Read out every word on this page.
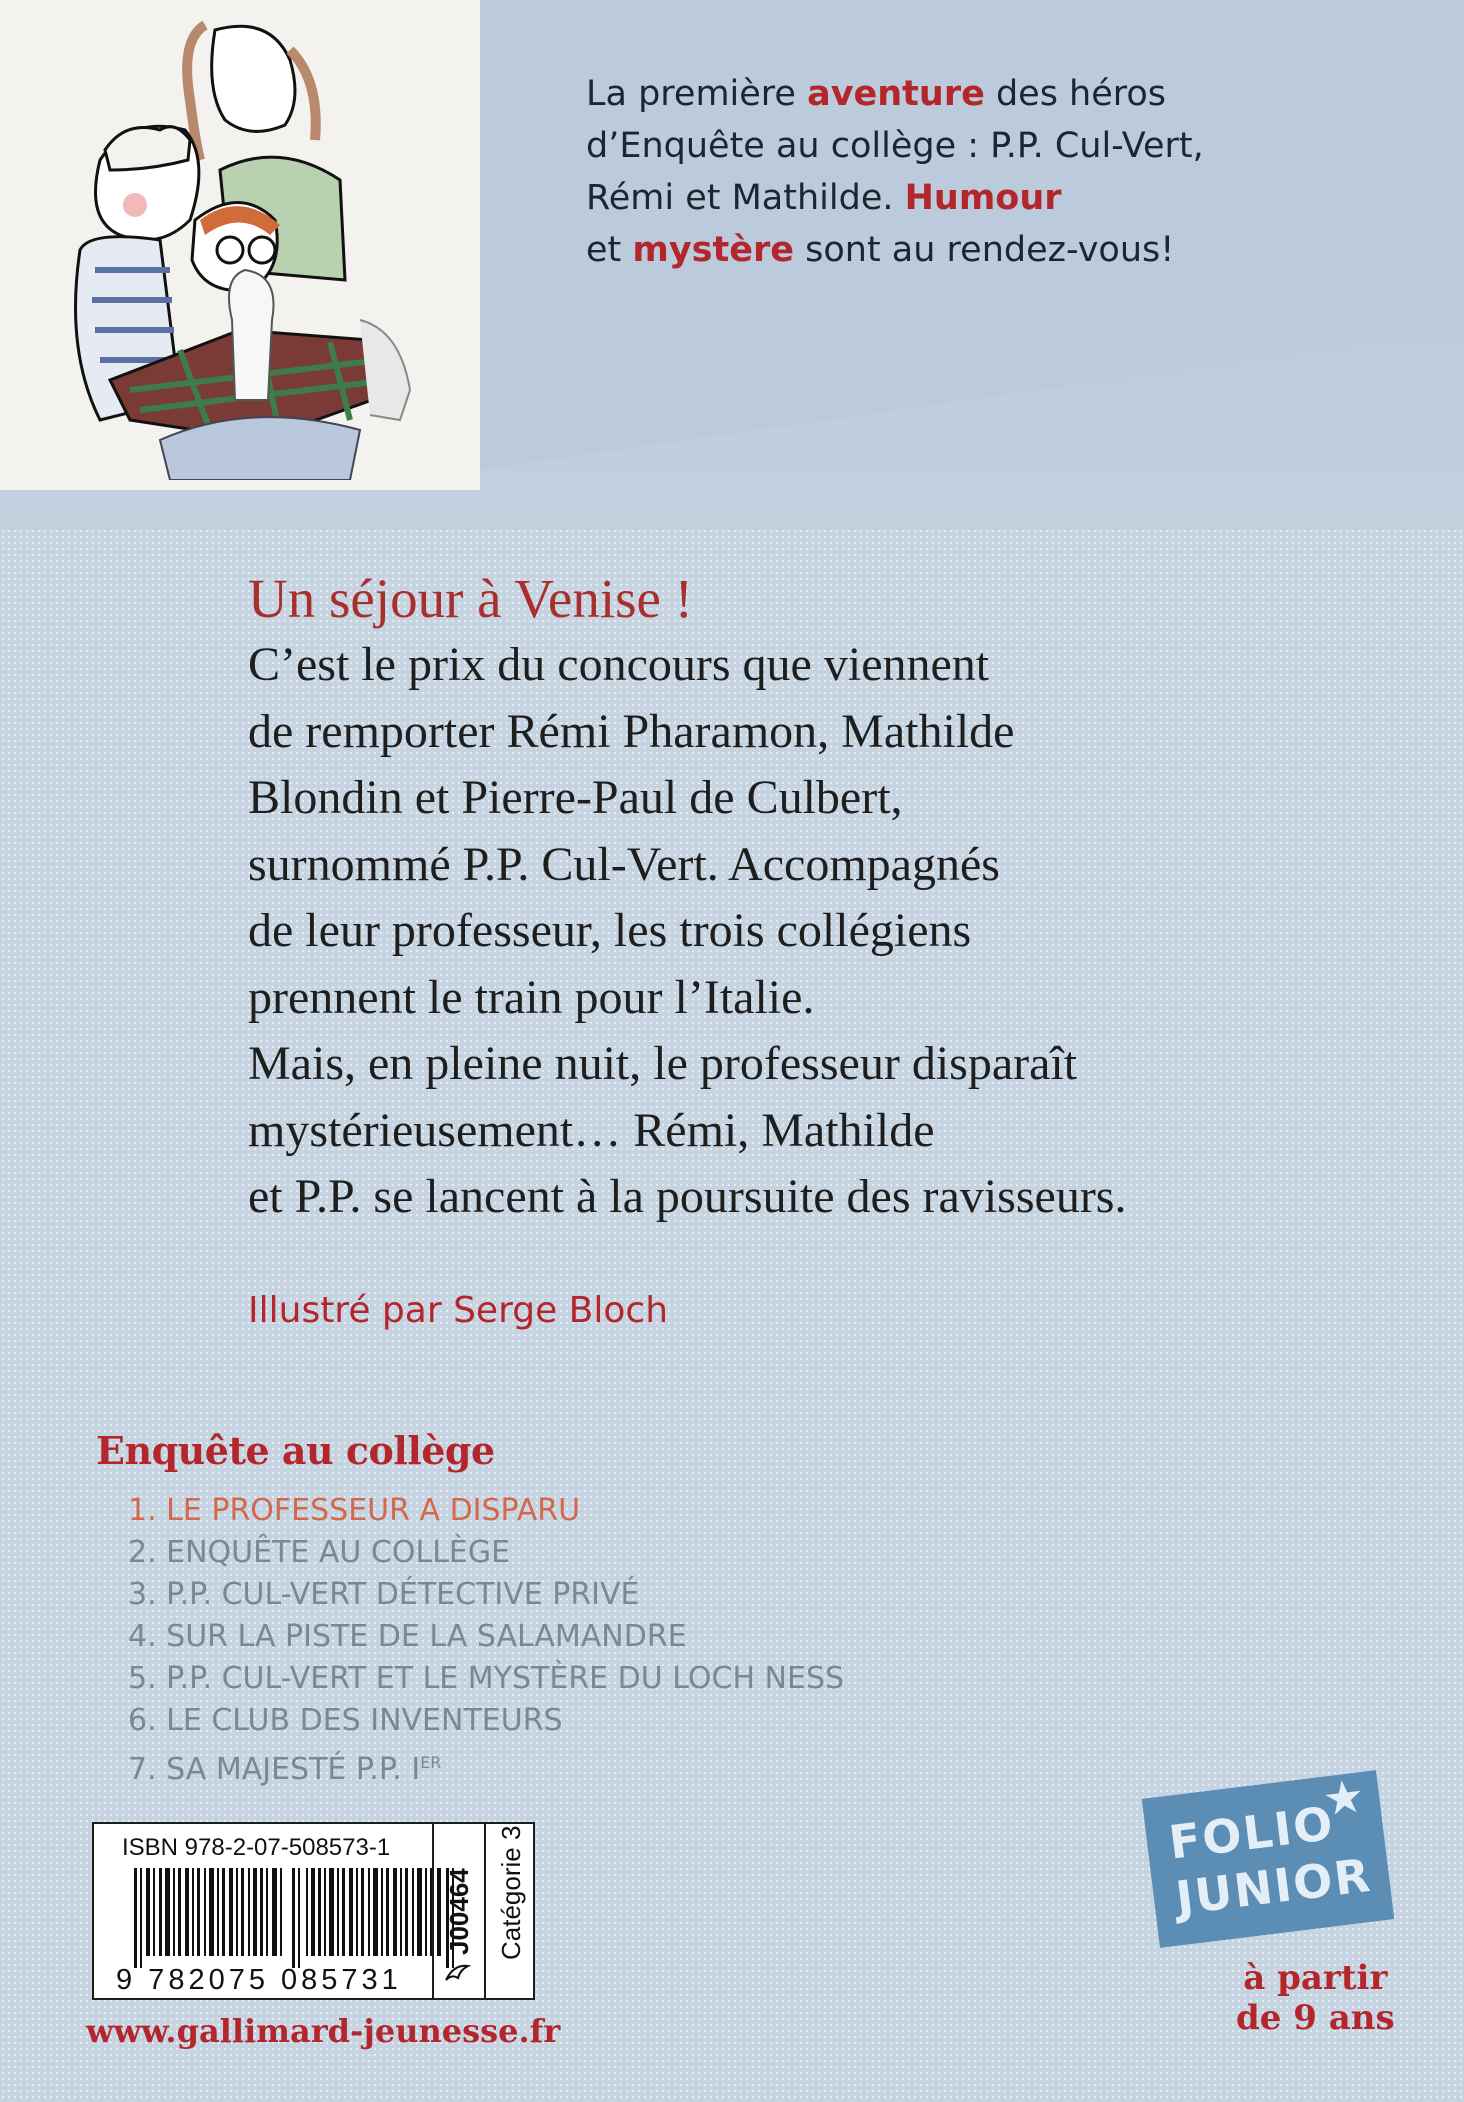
La première aventure des héros
d’Enquête au collège : P.P. Cul-Vert,
Rémi et Mathilde. Humour
et mystère sont au rendez-vous!
Un séjour à Venise !
C’est le prix du concours que viennent
de remporter Rémi Pharamon, Mathilde
Blondin et Pierre-Paul de Culbert,
surnommé P.P. Cul-Vert. Accompagnés
de leur professeur, les trois collégiens
prennent le train pour l’Italie.
Mais, en pleine nuit, le professeur disparaît
mystérieusement… Rémi, Mathilde
et P.P. se lancent à la poursuite des ravisseurs.
Illustré par Serge Bloch
Enquête au collège
1. LE PROFESSEUR A DISPARU
2. ENQUÊTE AU COLLÈGE
3. P.P. CUL-VERT DÉTECTIVE PRIVÉ
4. SUR LA PISTE DE LA SALAMANDRE
5. P.P. CUL-VERT ET LE MYSTÈRE DU LOCH NESS
6. LE CLUB DES INVENTEURS
7. SA MAJESTÉ P.P. IER
ISBN 978-2-07-508573-1
9 782075 085731
J00464 Catégorie 3
www.gallimard-jeunesse.fr
FOLIO
JUNIOR
★
à partir
de 9 ans
